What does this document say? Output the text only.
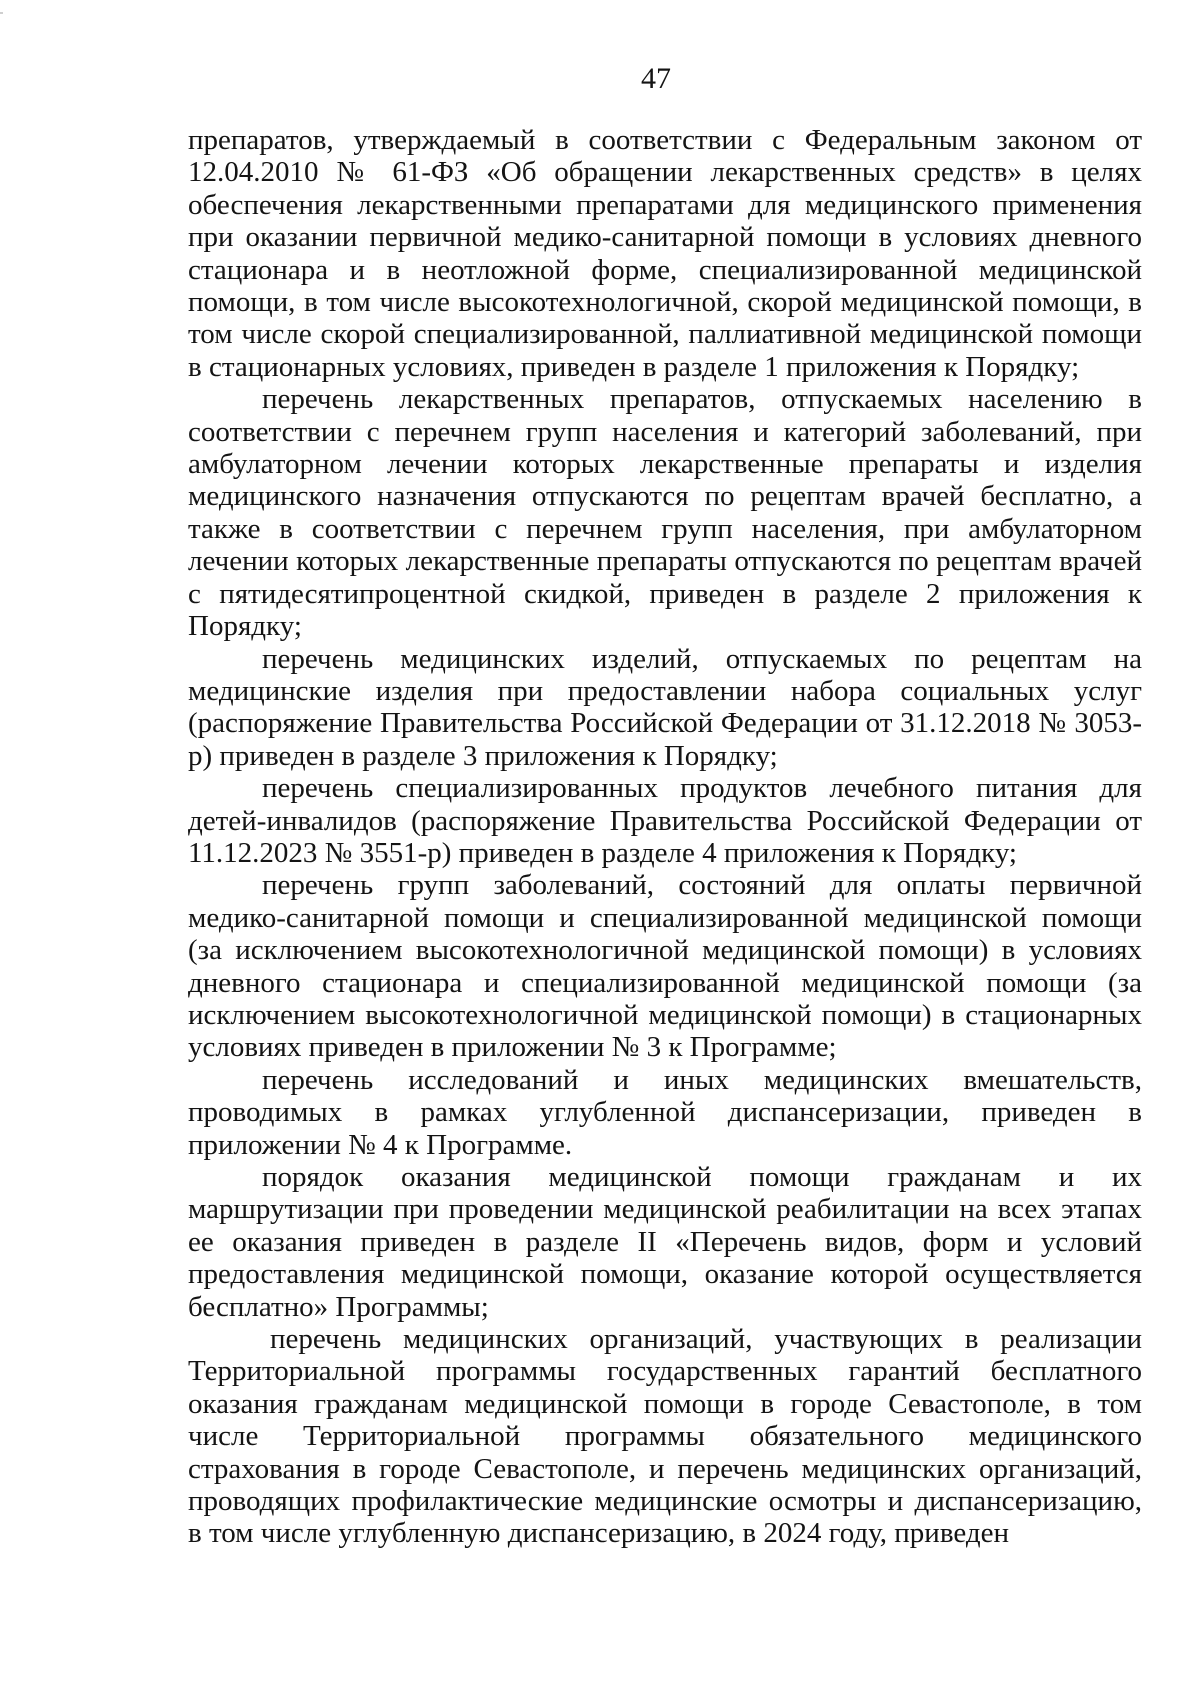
47

препаратов, утверждаемый в соответствии с Федеральным законом от 12.04.2010 № 61-ФЗ «Об обращении лекарственных средств» в целях обеспечения лекарственными препаратами для медицинского применения при оказании первичной медико-санитарной помощи в условиях дневного стационара и в неотложной форме, специализированной медицинской помощи, в том числе высокотехнологичной, скорой медицинской помощи, в том числе скорой специализированной, паллиативной медицинской помощи в стационарных условиях, приведен в разделе 1 приложения к Порядку;

перечень лекарственных препаратов, отпускаемых населению в соответствии с перечнем групп населения и категорий заболеваний, при амбулаторном лечении которых лекарственные препараты и изделия медицинского назначения отпускаются по рецептам врачей бесплатно, а также в соответствии с перечнем групп населения, при амбулаторном лечении которых лекарственные препараты отпускаются по рецептам врачей с пятидесятипроцентной скидкой, приведен в разделе 2 приложения к Порядку;

перечень медицинских изделий, отпускаемых по рецептам на медицинские изделия при предоставлении набора социальных услуг (распоряжение Правительства Российской Федерации от 31.12.2018 № 3053-р) приведен в разделе 3 приложения к Порядку;

перечень специализированных продуктов лечебного питания для детей-инвалидов (распоряжение Правительства Российской Федерации от 11.12.2023 № 3551-р) приведен в разделе 4 приложения к Порядку;

перечень групп заболеваний, состояний для оплаты первичной медико-санитарной помощи и специализированной медицинской помощи (за исключением высокотехнологичной медицинской помощи) в условиях дневного стационара и специализированной медицинской помощи (за исключением высокотехнологичной медицинской помощи) в стационарных условиях приведен в приложении № 3 к Программе;

перечень исследований и иных медицинских вмешательств, проводимых в рамках углубленной диспансеризации, приведен в приложении № 4 к Программе.

порядок оказания медицинской помощи гражданам и их маршрутизации при проведении медицинской реабилитации на всех этапах ее оказания приведен в разделе II «Перечень видов, форм и условий предоставления медицинской помощи, оказание которой осуществляется бесплатно» Программы;

перечень медицинских организаций, участвующих в реализации Территориальной программы государственных гарантий бесплатного оказания гражданам медицинской помощи в городе Севастополе, в том числе Территориальной программы обязательного медицинского страхования в городе Севастополе, и перечень медицинских организаций, проводящих профилактические медицинские осмотры и диспансеризацию, в том числе углубленную диспансеризацию, в 2024 году, приведен
